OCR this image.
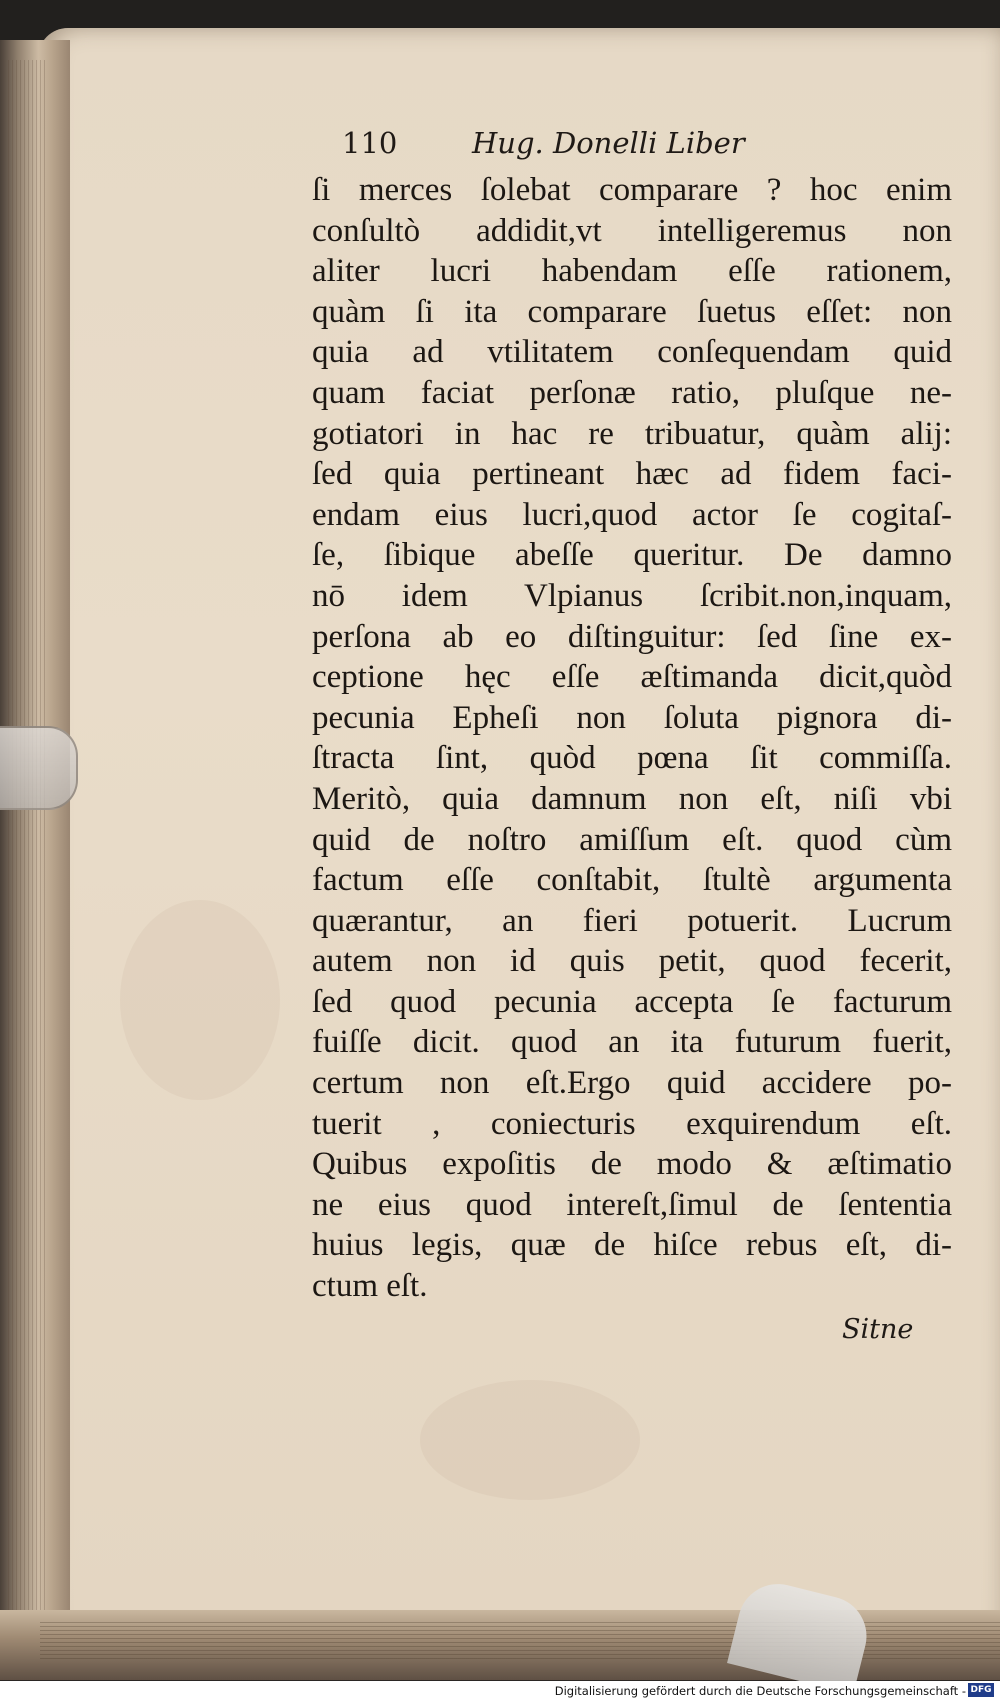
110	Hug. Donelli Liber
ſi merces ſolebat comparare ? hoc enim
conſultò addidit,vt intelligeremus non
aliter lucri habendam eſſe rationem,
quàm ſi ita comparare ſuetus eſſet: non
quia ad vtilitatem conſequendam quid
quam faciat perſonæ ratio, pluſque ne-
gotiatori in hac re tribuatur, quàm alij:
ſed quia pertineant hæc ad fidem faci-
endam eius lucri,quod actor ſe cogitaſ-
ſe, ſibique abeſſe queritur. De damno
nō idem Vlpianus ſcribit.non,inquam,
perſona ab eo diſtinguitur: ſed ſine ex-
ceptione hęc eſſe æſtimanda dicit,quòd
pecunia Epheſi non ſoluta pignora di-
ſtracta ſint, quòd pœna ſit commiſſa.
Meritò, quia damnum non eſt, niſi vbi
quid de noſtro amiſſum eſt. quod cùm
factum eſſe conſtabit, ſtultè argumenta
quærantur, an fieri potuerit. Lucrum
autem non id quis petit, quod fecerit,
ſed quod pecunia accepta ſe facturum
fuiſſe dicit. quod an ita futurum fuerit,
certum non eſt.Ergo quid accidere po-
tuerit , coniecturis exquirendum eſt.
Quibus expoſitis de modo & æſtimatio
ne eius quod intereſt,ſimul de ſententia
huius legis, quæ de hiſce rebus eſt, di-
ctum eſt.
Sitne
Digitalisierung gefördert durch die Deutsche Forschungsgemeinschaft - DFG
